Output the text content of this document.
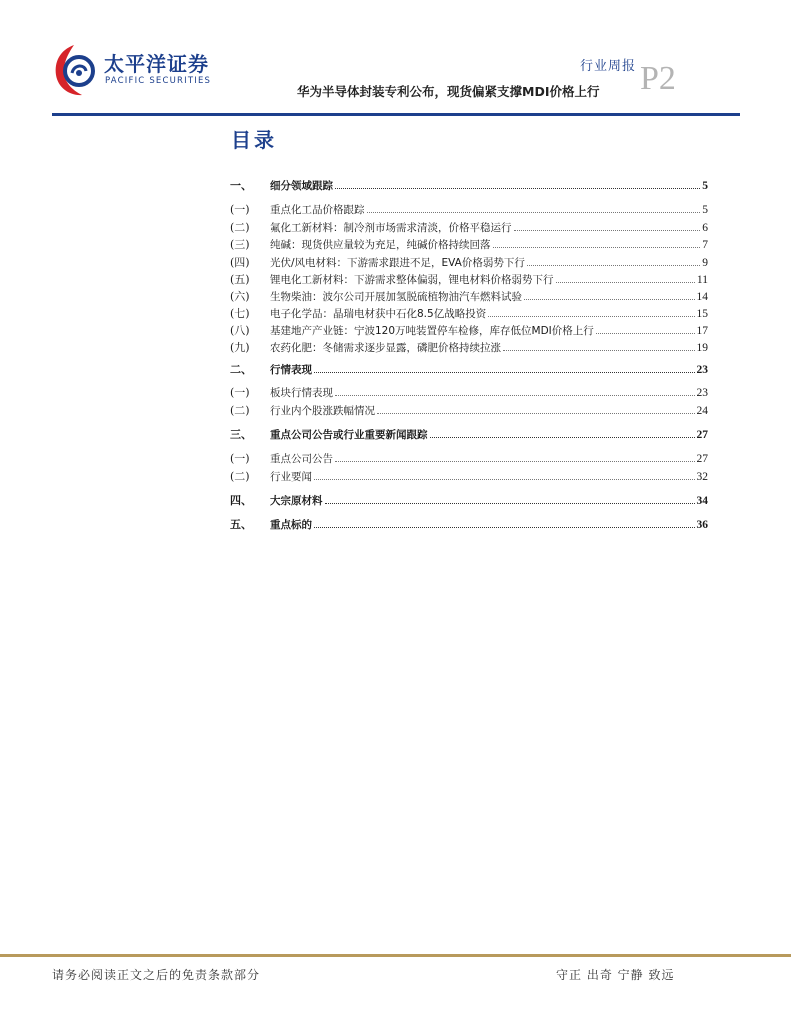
太平洋证券
PACIFIC SECURITIES
行业周报 P2
华为半导体封装专利公布，现货偏紧支撑MDI价格上行
目录
一、	细分领域跟踪	5
(一)	重点化工品价格跟踪	5
(二)	氟化工新材料：制冷剂市场需求清淡，价格平稳运行	6
(三)	纯碱：现货供应量较为充足，纯碱价格持续回落	7
(四)	光伏/风电材料：下游需求跟进不足，EVA价格弱势下行	9
(五)	锂电化工新材料：下游需求整体偏弱，锂电材料价格弱势下行	11
(六)	生物柴油：波尔公司开展加氢脱硫植物油汽车燃料试验	14
(七)	电子化学品：晶瑞电材获中石化8.5亿战略投资	15
(八)	基建地产产业链：宁波120万吨装置停车检修，库存低位MDI价格上行	17
(九)	农药化肥：冬储需求逐步显露，磷肥价格持续拉涨	19
二、	行情表现	23
(一)	板块行情表现	23
(二)	行业内个股涨跌幅情况	24
三、	重点公司公告或行业重要新闻跟踪	27
(一)	重点公司公告	27
(二)	行业要闻	32
四、	大宗原材料	34
五、	重点标的	36
请务必阅读正文之后的免责条款部分	守正 出奇 宁静 致远
